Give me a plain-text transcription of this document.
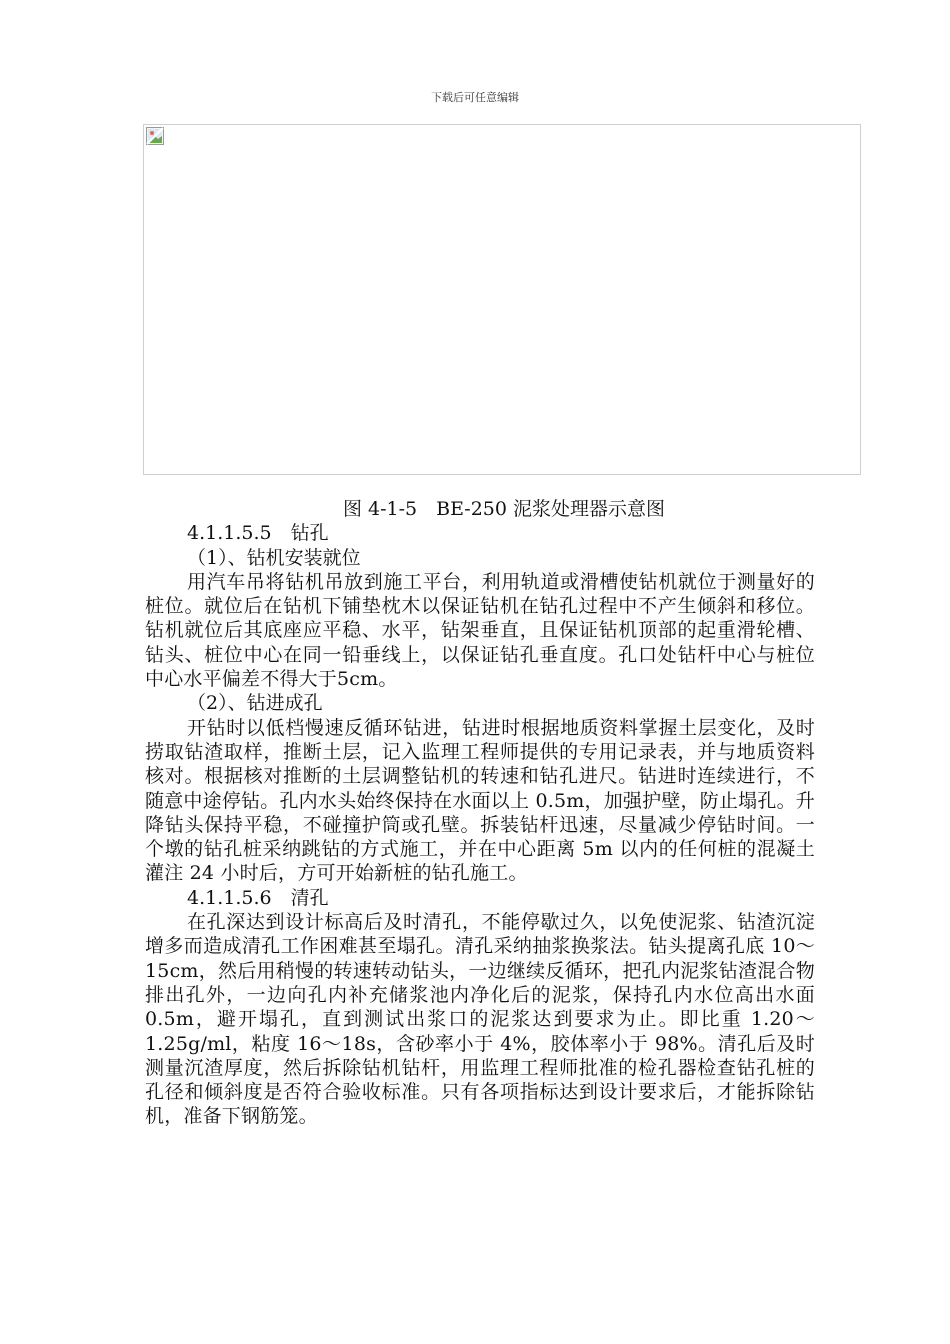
下载后可任意编辑

图 4-1-5　BE-250 泥浆处理器示意图

4.1.1.5.5　钻孔

（1）、钻机安装就位

用汽车吊将钻机吊放到施工平台，利用轨道或滑槽使钻机就位于测量好的桩位。就位后在钻机下铺垫枕木以保证钻机在钻孔过程中不产生倾斜和移位。钻机就位后其底座应平稳、水平，钻架垂直，且保证钻机顶部的起重滑轮槽、钻头、桩位中心在同一铅垂线上，以保证钻孔垂直度。孔口处钻杆中心与桩位中心水平偏差不得大于5cm。

（2）、钻进成孔

开钻时以低档慢速反循环钻进，钻进时根据地质资料掌握土层变化，及时捞取钻渣取样，推断土层，记入监理工程师提供的专用记录表，并与地质资料核对。根据核对推断的土层调整钻机的转速和钻孔进尺。钻进时连续进行，不随意中途停钻。孔内水头始终保持在水面以上 0.5m，加强护壁，防止塌孔。升降钻头保持平稳，不碰撞护筒或孔壁。拆装钻杆迅速，尽量减少停钻时间。一个墩的钻孔桩采纳跳钻的方式施工，并在中心距离 5m 以内的任何桩的混凝土灌注 24 小时后，方可开始新桩的钻孔施工。

4.1.1.5.6　清孔

在孔深达到设计标高后及时清孔，不能停歇过久，以免使泥浆、钻渣沉淀增多而造成清孔工作困难甚至塌孔。清孔采纳抽浆换浆法。钻头提离孔底 10～15cm，然后用稍慢的转速转动钻头，一边继续反循环，把孔内泥浆钻渣混合物排出孔外，一边向孔内补充储浆池内净化后的泥浆，保持孔内水位高出水面 0.5m，避开塌孔，直到测试出浆口的泥浆达到要求为止。即比重 1.20～1.25g/ml，粘度 16～18s，含砂率小于 4%，胶体率小于 98%。清孔后及时测量沉渣厚度，然后拆除钻机钻杆，用监理工程师批准的检孔器检查钻孔桩的孔径和倾斜度是否符合验收标准。只有各项指标达到设计要求后，才能拆除钻机，准备下钢筋笼。
